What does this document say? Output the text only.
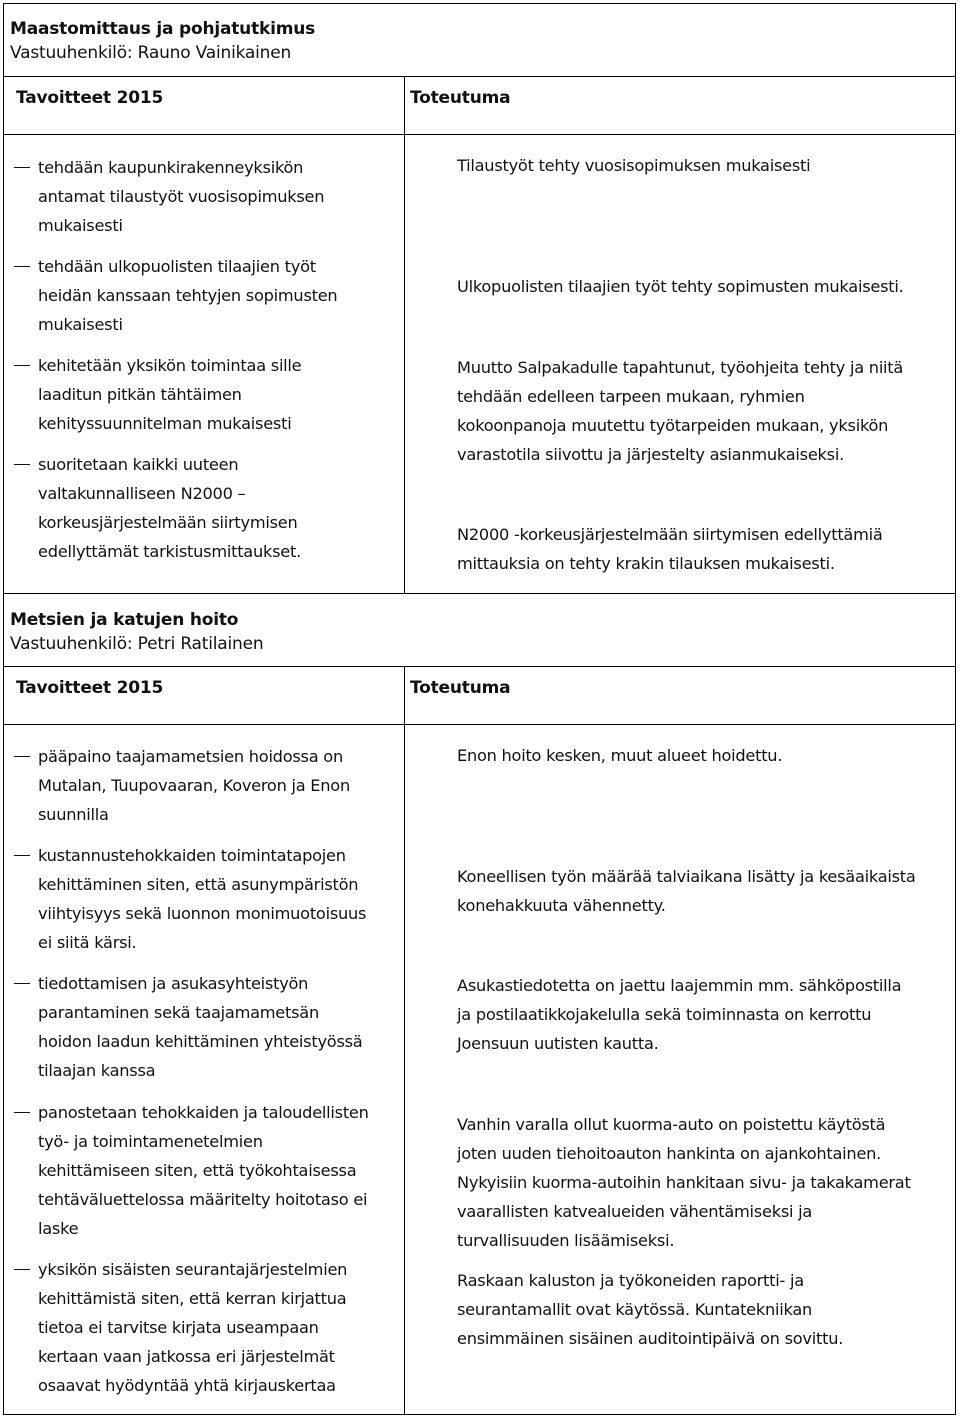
Maastomittaus ja pohjatutkimus
Vastuuhenkilö: Rauno Vainikainen
Tavoitteet 2015	Toteutuma
tehdään kaupunkirakenneyksikön
antamat tilaustyöt vuosisopimuksen
mukaisesti
tehdään ulkopuolisten tilaajien työt
heidän kanssaan tehtyjen sopimusten
mukaisesti
kehitetään yksikön toimintaa sille
laaditun pitkän tähtäimen
kehityssuunnitelman mukaisesti
suoritetaan kaikki uuteen
valtakunnalliseen N2000 –
korkeusjärjestelmään siirtymisen
edellyttämät tarkistusmittaukset.
Tilaustyöt tehty vuosisopimuksen mukaisesti
Ulkopuolisten tilaajien työt tehty sopimusten mukaisesti.
Muutto Salpakadulle tapahtunut, työohjeita tehty ja niitä
tehdään edelleen tarpeen mukaan, ryhmien
kokoonpanoja muutettu työtarpeiden mukaan, yksikön
varastotila siivottu ja järjestelty asianmukaiseksi.
N2000 -korkeusjärjestelmään siirtymisen edellyttämiä
mittauksia on tehty krakin tilauksen mukaisesti.
Metsien ja katujen hoito
Vastuuhenkilö: Petri Ratilainen
Tavoitteet 2015	Toteutuma
pääpaino taajamametsien hoidossa on
Mutalan, Tuupovaaran, Koveron ja Enon
suunnilla
kustannustehokkaiden toimintatapojen
kehittäminen siten, että asunympäristön
viihtyisyys sekä luonnon monimuotoisuus
ei siitä kärsi.
tiedottamisen ja asukasyhteistyön
parantaminen sekä taajamametsän
hoidon laadun kehittäminen yhteistyössä
tilaajan kanssa
panostetaan tehokkaiden ja taloudellisten
työ- ja toimintamenetelmien
kehittämiseen siten, että työkohtaisessa
tehtäväluettelossa määritelty hoitotaso ei
laske
yksikön sisäisten seurantajärjestelmien
kehittämistä siten, että kerran kirjattua
tietoa ei tarvitse kirjata useampaan
kertaan vaan jatkossa eri järjestelmät
osaavat hyödyntää yhtä kirjauskertaa
Enon hoito kesken, muut alueet hoidettu.
Koneellisen työn määrää talviaikana lisätty ja kesäaikaista
konehakkuuta vähennetty.
Asukastiedotetta on jaettu laajemmin mm. sähköpostilla
ja postilaatikkojakelulla sekä toiminnasta on kerrottu
Joensuun uutisten kautta.
Vanhin varalla ollut kuorma-auto on poistettu käytöstä
joten uuden tiehoitoauton hankinta on ajankohtainen.
Nykyisiin kuorma-autoihin hankitaan sivu- ja takakamerat
vaarallisten katvealueiden vähentämiseksi ja
turvallisuuden lisäämiseksi.
Raskaan kaluston ja työkoneiden raportti- ja
seurantamallit ovat käytössä. Kuntatekniikan
ensimmäinen sisäinen auditointipäivä on sovittu.
